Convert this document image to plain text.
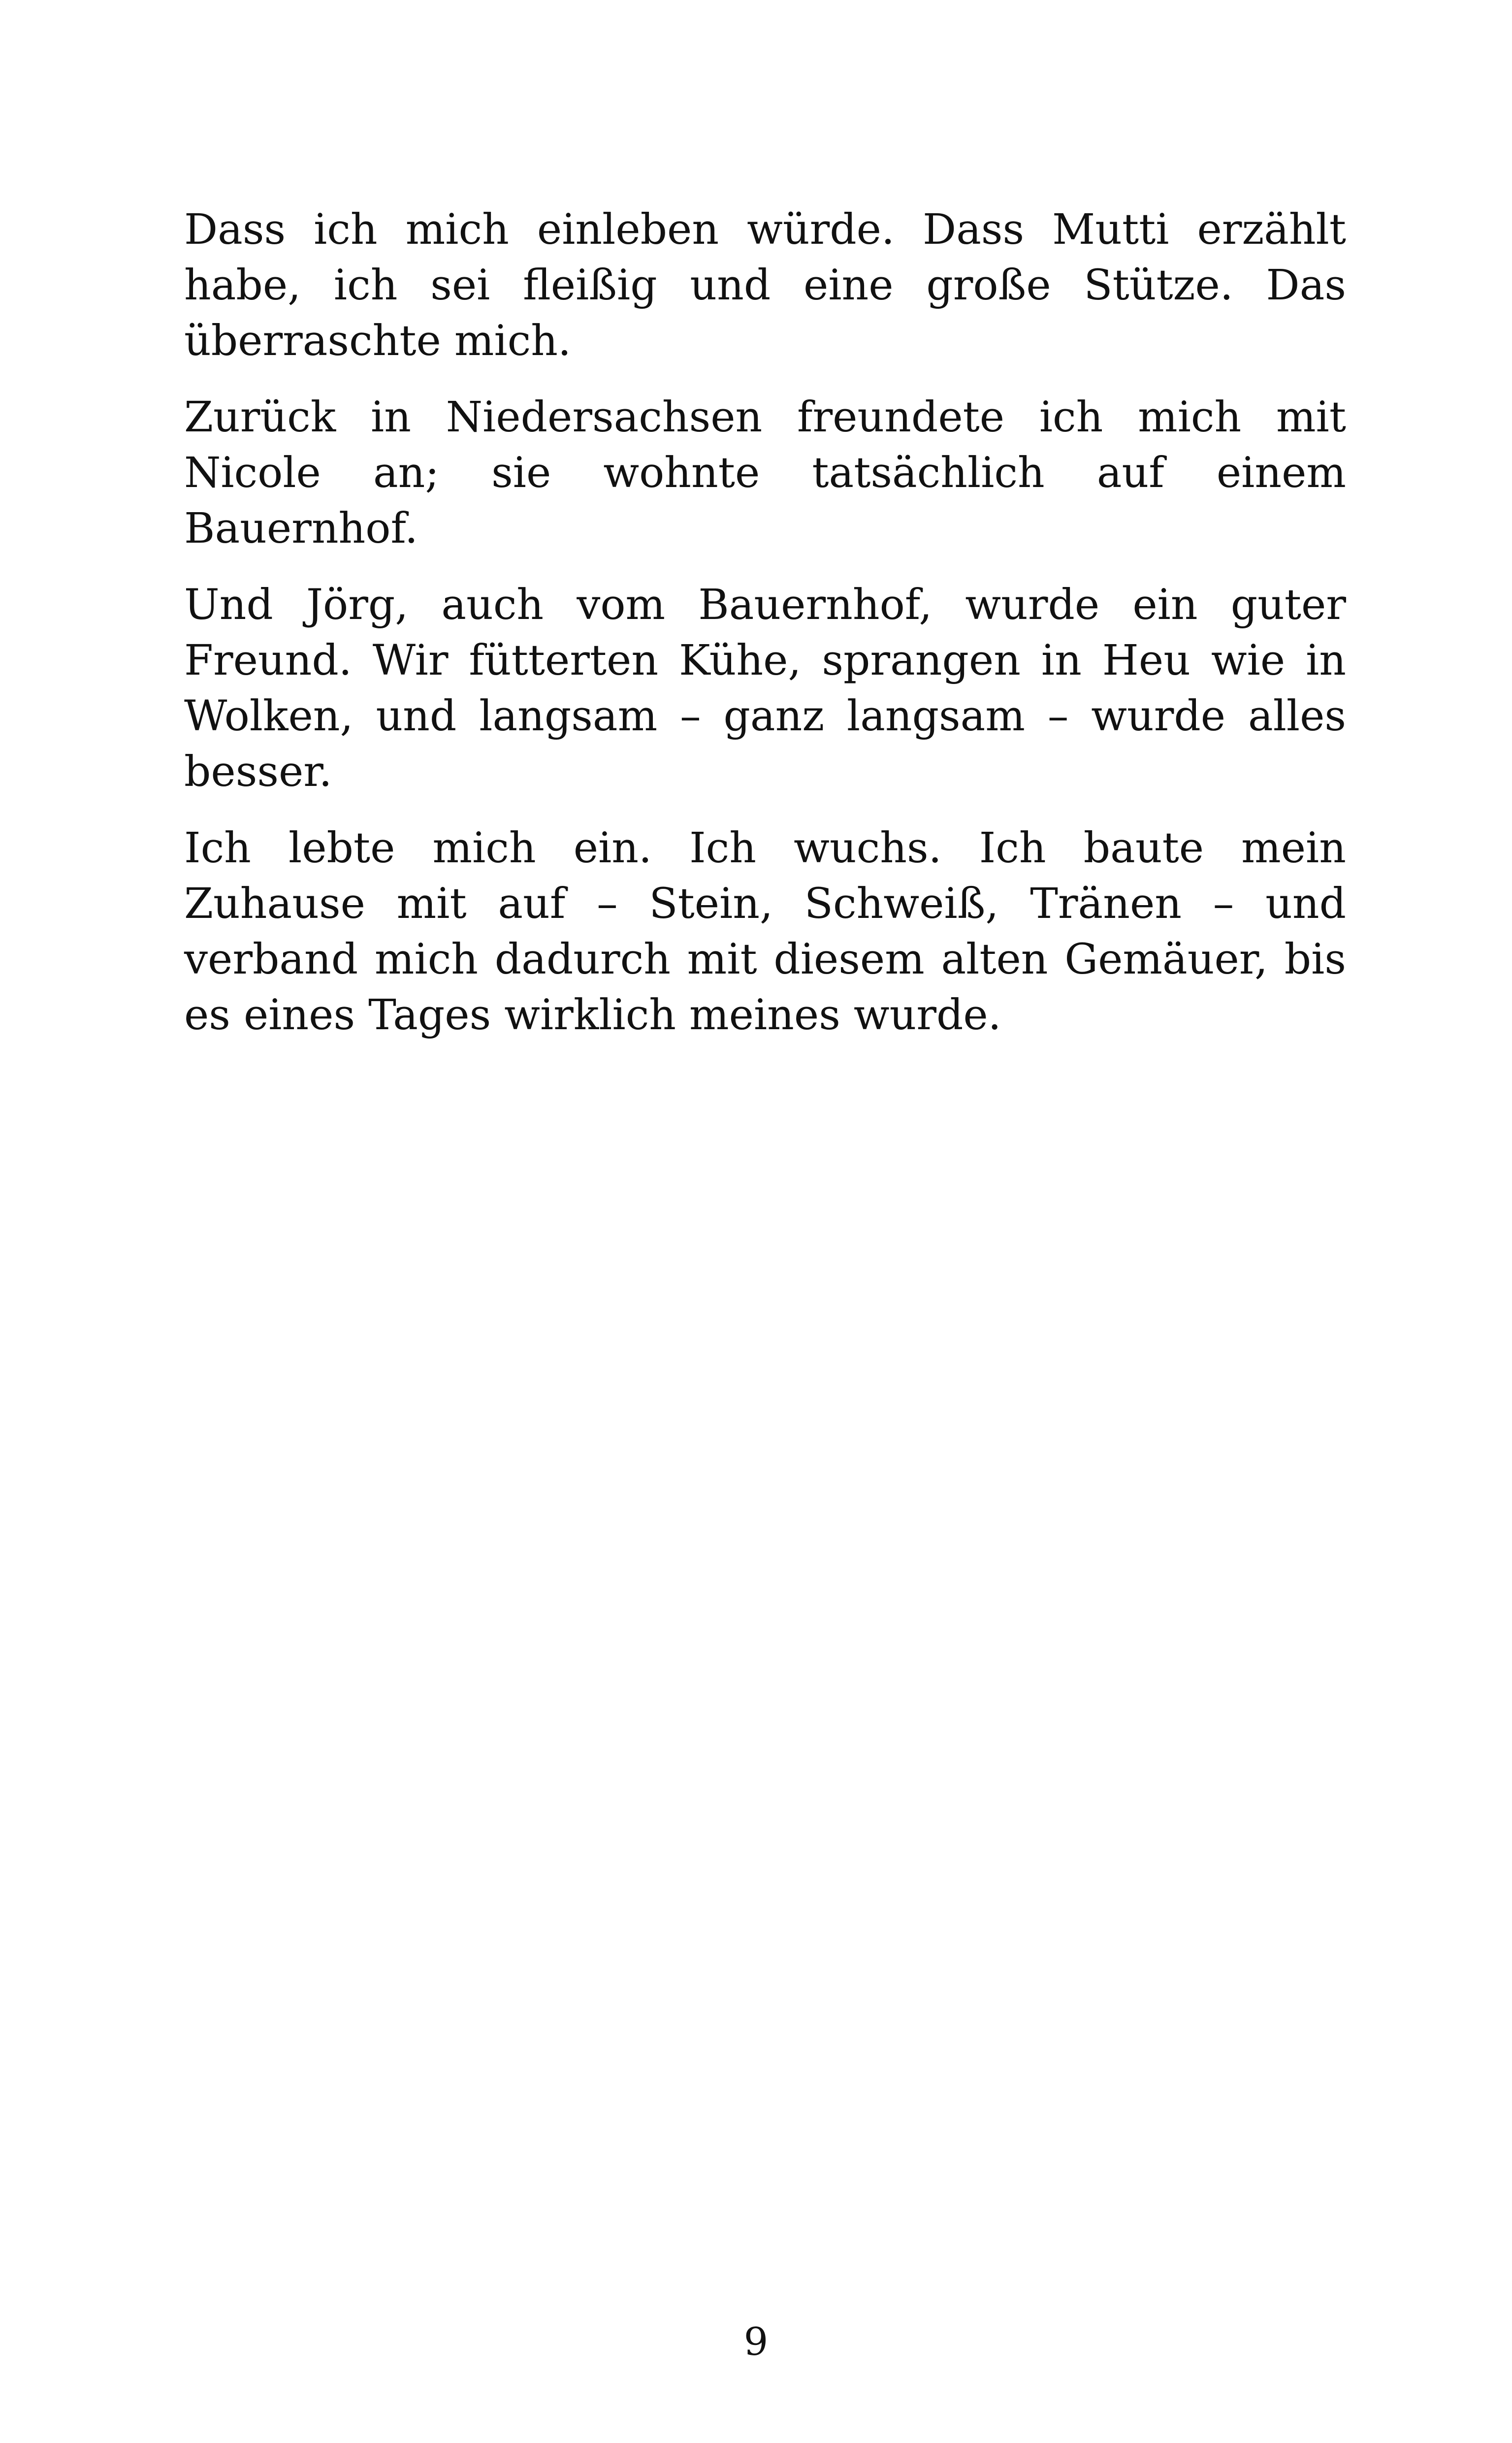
Dass ich mich einleben würde. Dass Mutti erzählt habe, ich sei fleißig und eine große Stütze. Das überraschte mich.

Zurück in Niedersachsen freundete ich mich mit Nicole an; sie wohnte tatsächlich auf einem Bauernhof.

Und Jörg, auch vom Bauernhof, wurde ein guter Freund. Wir fütterten Kühe, sprangen in Heu wie in Wolken, und langsam – ganz langsam – wurde alles besser.

Ich lebte mich ein. Ich wuchs. Ich baute mein Zuhause mit auf – Stein, Schweiß, Tränen – und verband mich dadurch mit diesem alten Gemäuer, bis es eines Tages wirklich meines wurde.

9
